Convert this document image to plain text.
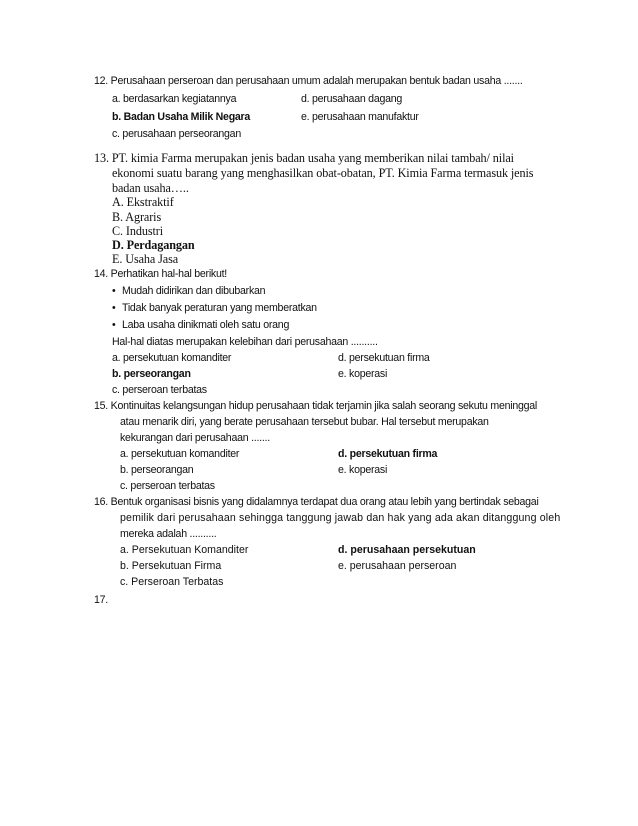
12. Perusahaan perseroan dan perusahaan umum adalah merupakan bentuk badan usaha .......
a. berdasarkan kegiatannya	d. perusahaan dagang
b. Badan Usaha Milik Negara	e. perusahaan manufaktur
c. perusahaan perseorangan
13. PT. kimia Farma merupakan jenis badan usaha yang memberikan nilai tambah/ nilai
ekonomi suatu barang yang menghasilkan obat-obatan, PT. Kimia Farma termasuk jenis
badan usaha…..
A. Ekstraktif
B. Agraris
C. Industri
D. Perdagangan
E. Usaha Jasa
14. Perhatikan hal-hal berikut!
• Mudah didirikan dan dibubarkan
• Tidak banyak peraturan yang memberatkan
• Laba usaha dinikmati oleh satu orang
Hal-hal diatas merupakan kelebihan dari perusahaan ..........
a. persekutuan komanditer	d. persekutuan firma
b. perseorangan	e. koperasi
c. perseroan terbatas
15. Kontinuitas kelangsungan hidup perusahaan tidak terjamin jika salah seorang sekutu meninggal
atau menarik diri, yang berate perusahaan tersebut bubar. Hal tersebut merupakan
kekurangan dari perusahaan .......
a. persekutuan komanditer	d. persekutuan firma
b. perseorangan	e. koperasi
c. perseroan terbatas
16. Bentuk organisasi bisnis yang didalamnya terdapat dua orang atau lebih yang bertindak sebagai
pemilik dari perusahaan sehingga tanggung jawab dan hak yang ada akan ditanggung oleh
mereka adalah ..........
a. Persekutuan Komanditer	d. perusahaan persekutuan
b. Persekutuan Firma	e. perusahaan perseroan
c. Perseroan Terbatas
17.
